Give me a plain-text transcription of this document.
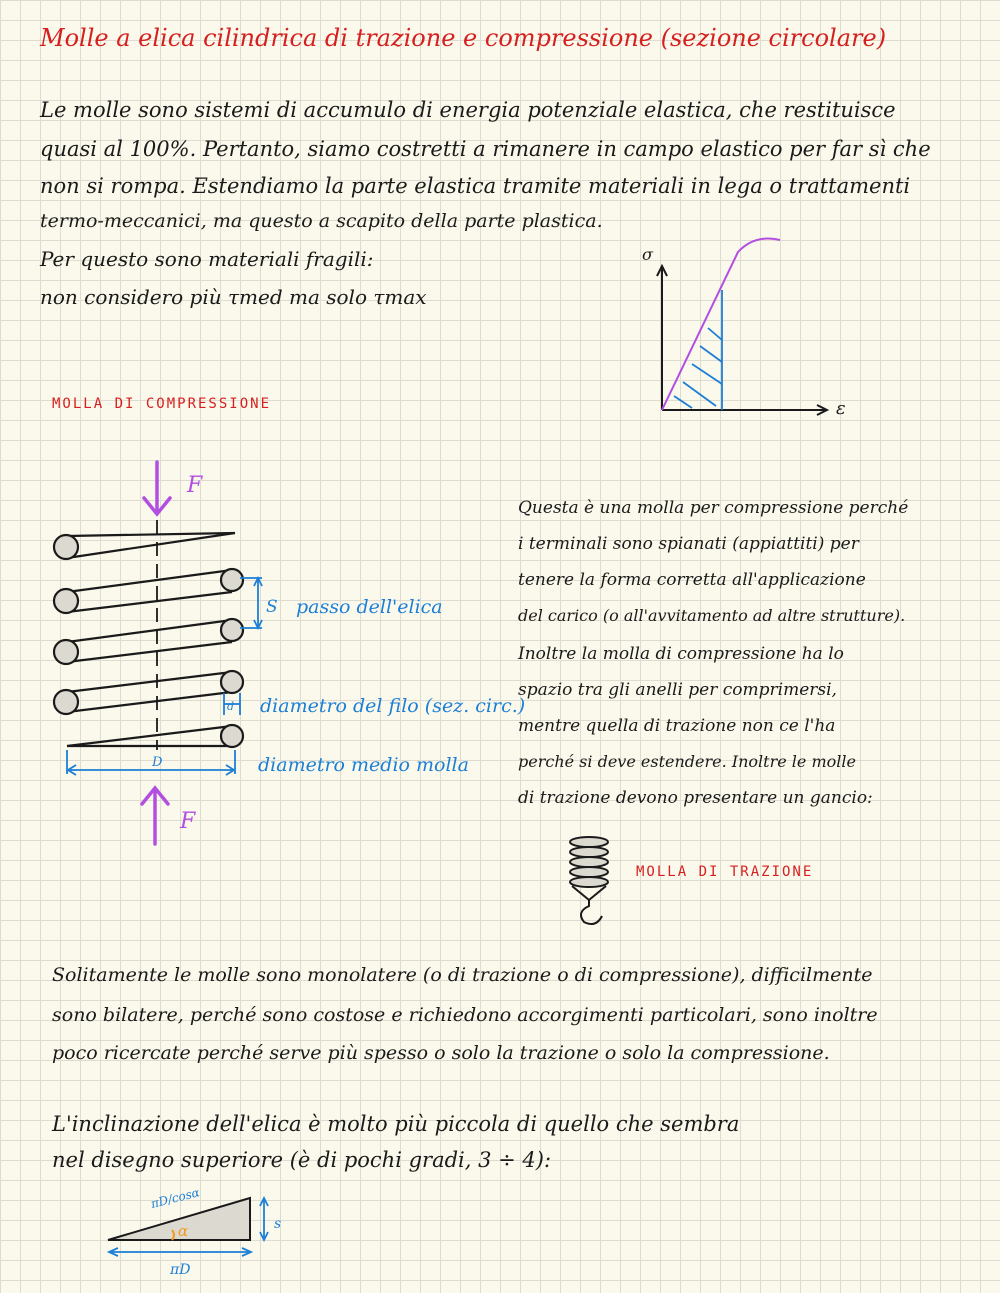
Molle a elica cilindrica di trazione e compressione (sezione circolare)
Le molle sono sistemi di accumulo di energia potenziale elastica, che restituisce
quasi al 100%. Pertanto, siamo costretti a rimanere in campo elastico per far sì che
non si rompa. Estendiamo la parte elastica tramite materiali in lega o trattamenti
termo-meccanici, ma questo a scapito della parte plastica.
Per questo sono materiali fragili:
non considero più τmed ma solo τmax
σ
ε
MOLLA DI COMPRESSIONE
F
S passo dell'elica
d diametro del filo (sez. circ.)
D	diametro medio molla
F
Questa è una molla per compressione perché
i terminali sono spianati (appiattiti) per
tenere la forma corretta all'applicazione
del carico (o all'avvitamento ad altre strutture).
Inoltre la molla di compressione ha lo
spazio tra gli anelli per comprimersi,
mentre quella di trazione non ce l'ha
perché si deve estendere. Inoltre le molle
di trazione devono presentare un gancio:
MOLLA DI TRAZIONE
Solitamente le molle sono monolatere (o di trazione o di compressione), difficilmente
sono bilatere, perché sono costose e richiedono accorgimenti particolari, sono inoltre
poco ricercate perché serve più spesso o solo la trazione o solo la compressione.
L'inclinazione dell'elica è molto più piccola di quello che sembra
nel disegno superiore (è di pochi gradi, 3 ÷ 4):
πD/cosα
α	s
πD
